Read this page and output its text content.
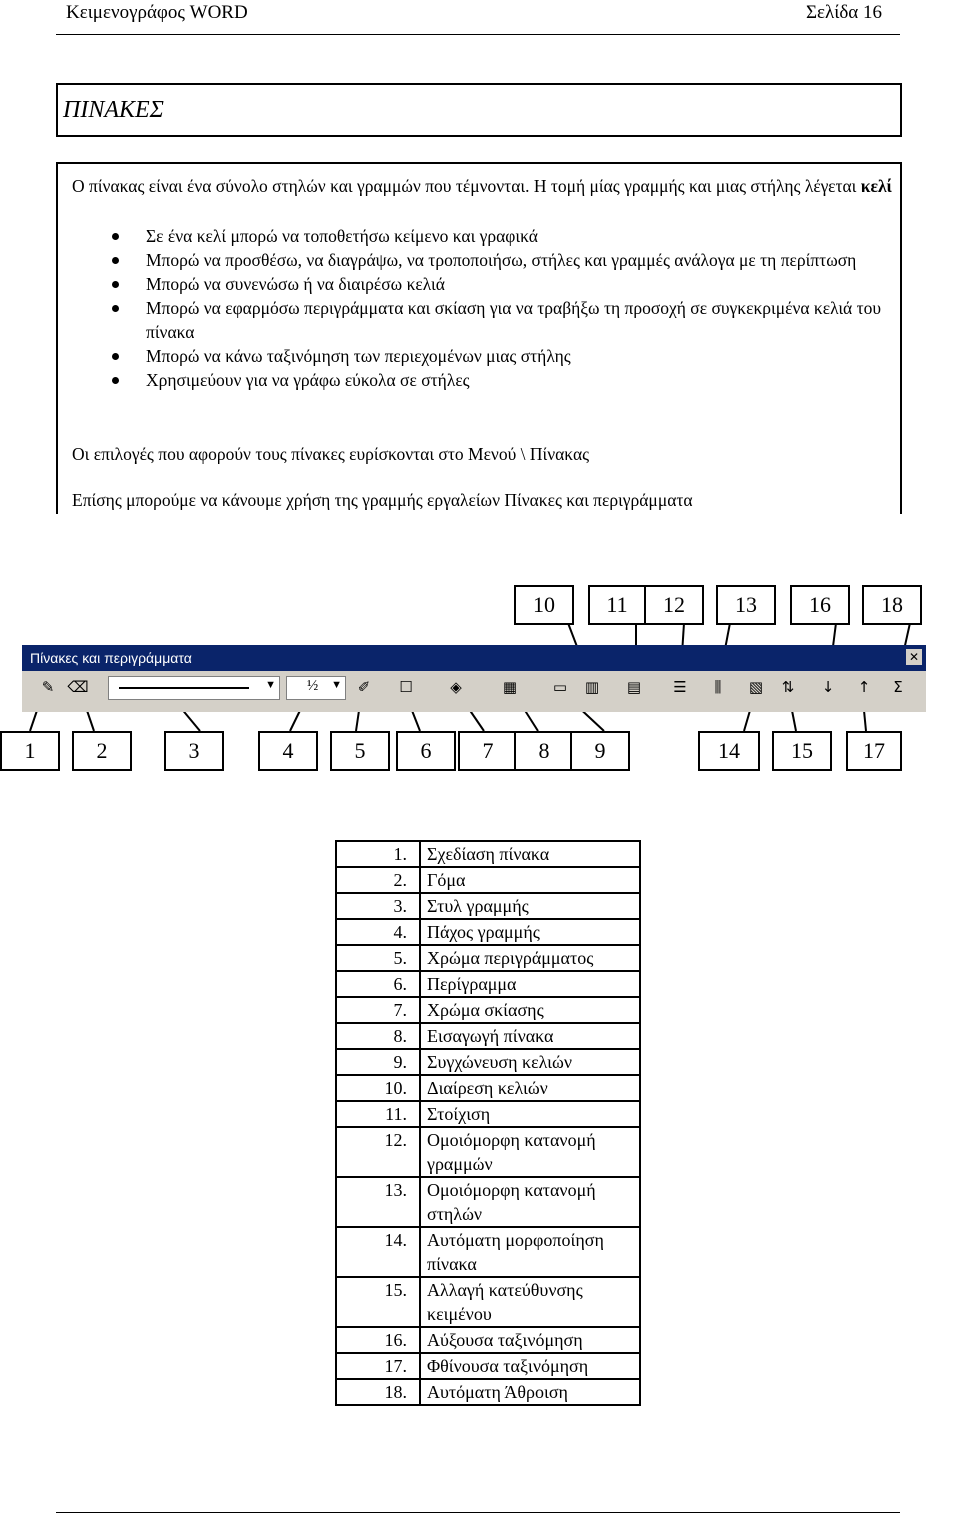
Κειμενογράφος WORD	Σελίδα 16
ΠΙΝΑΚΕΣ
Ο πίνακας είναι ένα σύνολο στηλών και γραμμών που τέμνονται. Η τομή μίας γραμμής και μιας στήλης λέγεται κελί
Σε ένα κελί μπορώ να τοποθετήσω κείμενο και γραφικά
Μπορώ να προσθέσω, να διαγράψω, να τροποποιήσω, στήλες και γραμμές ανάλογα με τη περίπτωση
Μπορώ να συνενώσω ή να διαιρέσω κελιά
Μπορώ να εφαρμόσω περιγράμματα και σκίαση για να τραβήξω τη προσοχή σε συγκεκριμένα κελιά του πίνακα
Μπορώ να κάνω ταξινόμηση των περιεχομένων μιας στήλης
Χρησιμεύουν για να γράφω εύκολα σε στήλες
Οι επιλογές που αφορούν τους πίνακες ευρίσκονται στο Μενού \ Πίνακας
Επίσης μπορούμε να κάνουμε χρήση της γραμμής εργαλείων Πίνακες και περιγράμματα
10	11	12	13	16	18
Πίνακες και περιγράμματα	✕
✎ ⌫	▼ ½ ▼	✐	☐	◈	▦	▭	▥	▤	☰	⫼	▧	⇅	↓	↑	Σ
1	2	3	4	5	6	7	8	9	14	15	17
1.	Σχεδίαση πίνακα
2.	Γόμα
3.	Στυλ γραμμής
4.	Πάχος γραμμής
5.	Χρώμα περιγράμματος
6.	Περίγραμμα
7.	Χρώμα σκίασης
8.	Εισαγωγή πίνακα
9.	Συγχώνευση κελιών
10.	Διαίρεση κελιών
11.	Στοίχιση
12.	Ομοιόμορφη κατανομή γραμμών
13.	Ομοιόμορφη κατανομή στηλών
14.	Αυτόματη μορφοποίηση πίνακα
15.	Αλλαγή κατεύθυνσης κειμένου
16.	Αύξουσα ταξινόμηση
17.	Φθίνουσα ταξινόμηση
18.	Αυτόματη Άθροιση
